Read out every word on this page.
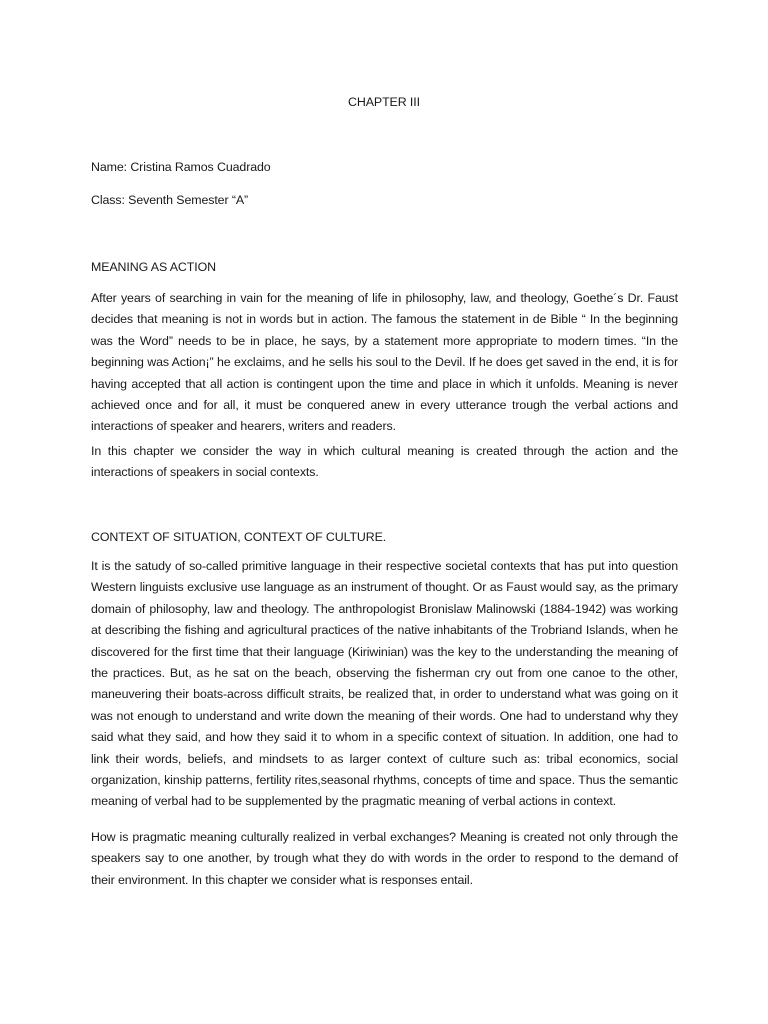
CHAPTER III
Name: Cristina Ramos Cuadrado
Class: Seventh Semester “A”
MEANING AS ACTION

After years of searching in vain for the meaning of life in philosophy, law, and theology, Goethe´s Dr. Faust decides that meaning is not in words but in action. The famous the statement in de Bible “ In the beginning was the Word” needs to be in place, he says, by a statement more appropriate to modern times. “In the beginning was Action¡” he exclaims, and he sells his soul to the Devil. If he does get saved in the end, it is for having accepted that all action is contingent upon the time and place in which it unfolds. Meaning is never achieved once and for all, it must be conquered anew in every utterance trough the verbal actions and interactions of speaker and hearers, writers and readers.

In this chapter we consider the way in which cultural meaning is created through the action and the interactions of speakers in social contexts.

CONTEXT OF SITUATION, CONTEXT OF CULTURE.

It is the satudy of so-called primitive language in their respective societal contexts that has put into question Western linguists exclusive use language as an instrument of thought. Or as Faust would say, as the primary domain of philosophy, law and theology. The anthropologist Bronislaw Malinowski (1884-1942) was working at describing the fishing and agricultural practices of the native inhabitants of the Trobriand Islands, when he discovered for the first time that their language (Kiriwinian) was the key to the understanding the meaning of the practices. But, as he sat on the beach, observing the fisherman cry out from one canoe to the other, maneuvering their boats-across difficult straits, be realized that, in order to understand what was going on it was not enough to understand and write down the meaning of their words. One had to understand why they said what they said, and how they said it to whom in a specific context of situation. In addition, one had to link their words, beliefs, and mindsets to as larger context of culture such as: tribal economics, social organization, kinship patterns, fertility rites,seasonal rhythms, concepts of time and space. Thus the semantic meaning of verbal had to be supplemented by the pragmatic meaning of verbal actions in context.

How is pragmatic meaning culturally realized in verbal exchanges? Meaning is created not only through the speakers say to one another, by trough what they do with words in the order to respond to the demand of their environment. In this chapter we consider what is responses entail.
